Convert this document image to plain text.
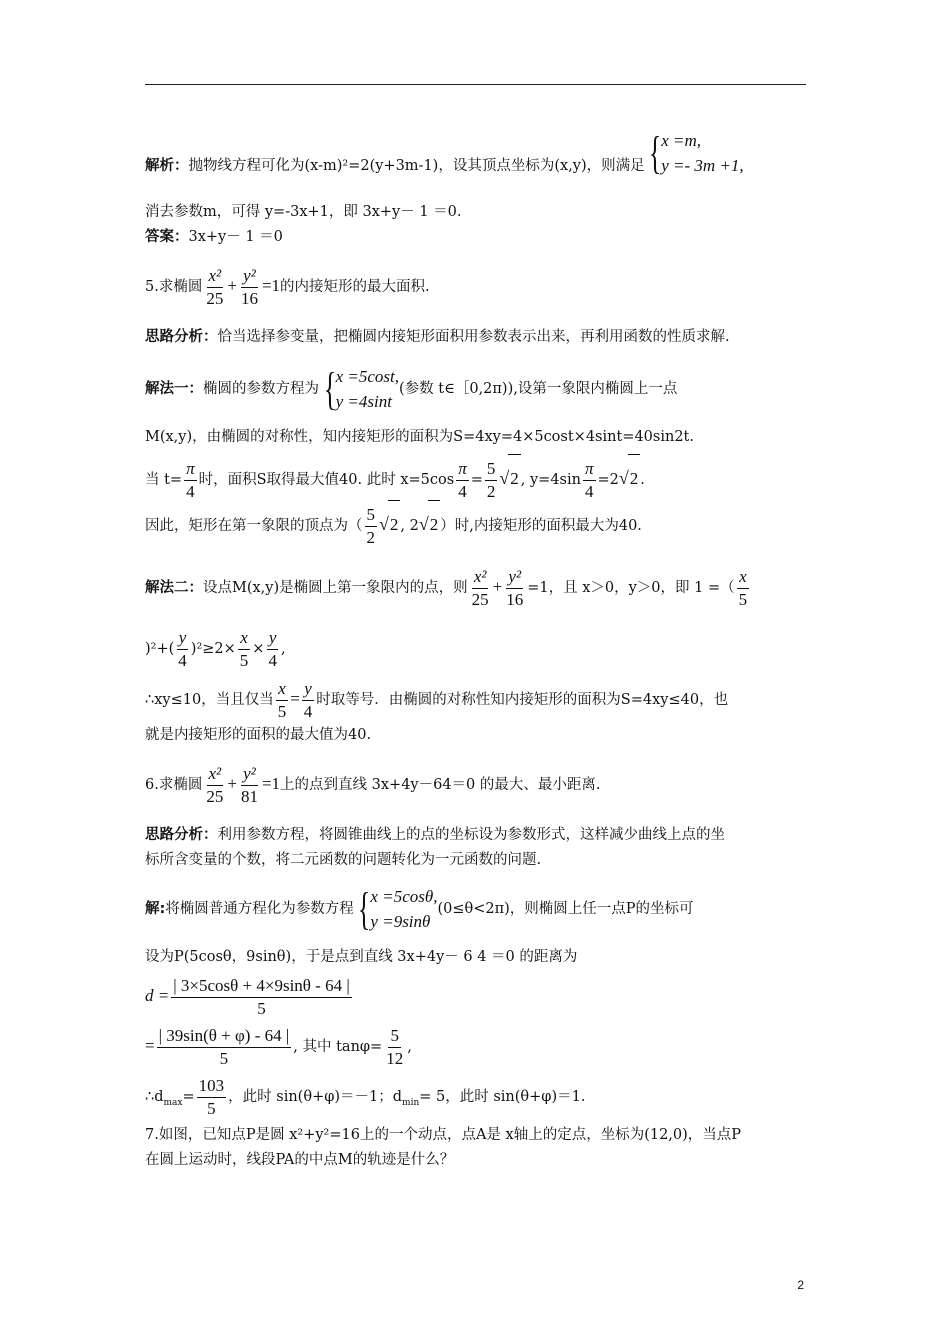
解析：抛物线方程可化为(x-m)²=2(y+3m-1)，设其顶点坐标为(x,y)，则满足 { x =m,
y =- 3m +1,
消去参数m，可得 y=-3x+1，即 3x+y－ 1 ＝0.
答案：3x+y－ 1 ＝0
5.求椭圆 $\frac{\text{x²}}{25} + \frac{\text{y²}}{16} =1$的内接矩形的最大面积.
思路分析：恰当选择参变量，把椭圆内接矩形面积用参数表示出来，再利用函数的性质求解.
解法一：椭圆的参数方程为 { x =5cost,
y =4sint(参数 t∈［0,2π)),设第一象限内椭圆上一点
M(x,y)，由椭圆的对称性，知内接矩形的面积为S=4xy=4×5cost×4sint=40sin2t.
当 $t= \frac{\pi}{4}$ 时，面积S取得最大值40. 此时 $x=5\cos \frac{\pi}{4} = \frac{5}{2} √2$ , $y=4\sin \frac{\pi}{4} =2√2$ .
因此，矩形在第一象限的顶点为（ $\frac{5}{2} √2$ , 2√2 ）时,内接矩形的面积最大为40.
解法二：设点M(x,y)是椭圆上第一象限内的点，则 $\frac{\text{x²}}{25} + \frac{\text{y²}}{16} =1$，且 x＞0，y＞0，即 1 =（ $\frac{x}{5}$
)$^2+( \frac{y}{4} )^2\ge 2\times \frac{x}{5} \times \frac{y}{4}$ ,
∴xy≤10，当且仅当 $\frac{x}{5} = \frac{y}{4}$ 时取等号．由椭圆的对称性知内接矩形的面积为S=4xy≤40，也
就是内接矩形的面积的最大值为40.
6.求椭圆 $\frac{\text{x²}}{25} + \frac{\text{y²}}{81} =1$上的点到直线 3x+4y－64＝0 的最大、最小距离.
思路分析：利用参数方程，将圆锥曲线上的点的坐标设为参数形式，这样减少曲线上点的坐
标所含变量的个数，将二元函数的问题转化为一元函数的问题.
解:将椭圆普通方程化为参数方程 { x =5cosθ,
y =9sinθ(0≤θ<2π)，则椭圆上任一点P的坐标可
设为P(5cosθ，9sinθ)，于是点到直线 3x+4y－ 6 4 ＝0 的距离为
$d = \frac{| 3\times 5\cos\theta + 4\times 9\sin\theta - 64 |}{5}$
= $\frac{| 39\sin(\theta + \varphi) - 64 |}{5}$ , 其中 $\tan\varphi= \frac{5}{12}$ ,
$\therefore d_{max}= \frac{103}{5}$ ，此时 sin(θ+φ)＝－1；$d_{min}= 5$，此时 sin(θ+φ)＝1.
7.如图，已知点P是圆 x²+y²=16上的一个动点，点A是 x轴上的定点，坐标为(12,0)，当点P
在圆上运动时，线段PA的中点M的轨迹是什么？
2
